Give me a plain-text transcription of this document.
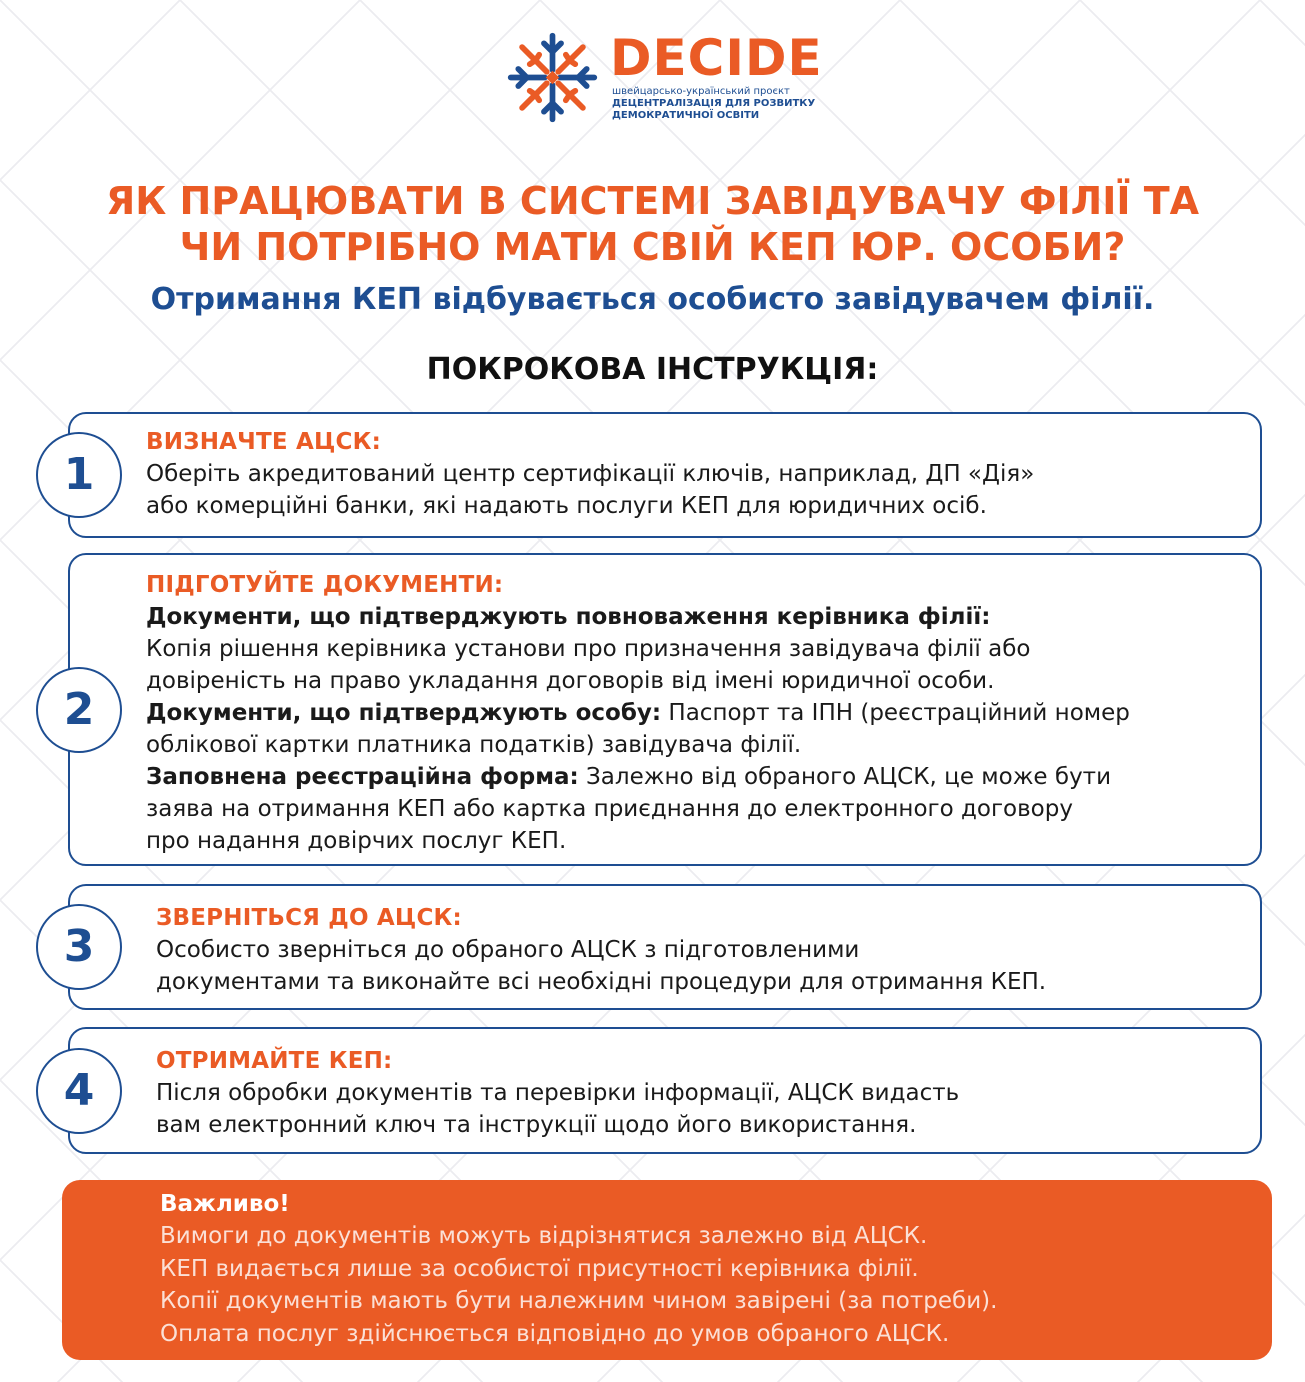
DECIDE
швейцарсько-український проєкт
ДЕЦЕНТРАЛІЗАЦІЯ ДЛЯ РОЗВИТКУ
ДЕМОКРАТИЧНОЇ ОСВІТИ
ЯК ПРАЦЮВАТИ В СИСТЕМІ ЗАВІДУВАЧУ ФІЛІЇ ТА
ЧИ ПОТРІБНО МАТИ СВІЙ КЕП ЮР. ОСОБИ?
Отримання КЕП відбувається особисто завідувачем філії.
ПОКРОКОВА ІНСТРУКЦІЯ:
ВИЗНАЧТЕ АЦСК:
Оберіть акредитований центр сертифікації ключів, наприклад, ДП «Дія»
або комерційні банки, які надають послуги КЕП для юридичних осіб.
1
ПІДГОТУЙТЕ ДОКУМЕНТИ:
Документи, що підтверджують повноваження керівника філії:
Копія рішення керівника установи про призначення завідувача філії або
довіреність на право укладання договорів від імені юридичної особи.
Документи, що підтверджують особу: Паспорт та ІПН (реєстраційний номер
облікової картки платника податків) завідувача філії.
Заповнена реєстраційна форма: Залежно від обраного АЦСК, це може бути
заява на отримання КЕП або картка приєднання до електронного договору
про надання довірчих послуг КЕП.
2
ЗВЕРНІТЬСЯ ДО АЦСК:
Особисто зверніться до обраного АЦСК з підготовленими
документами та виконайте всі необхідні процедури для отримання КЕП.
3
ОТРИМАЙТЕ КЕП:
Після обробки документів та перевірки інформації, АЦСК видасть
вам електронний ключ та інструкції щодо його використання.
4
Важливо!
Вимоги до документів можуть відрізнятися залежно від АЦСК.
КЕП видається лише за особистої присутності керівника філії.
Копії документів мають бути належним чином завірені (за потреби).
Оплата послуг здійснюється відповідно до умов обраного АЦСК.
